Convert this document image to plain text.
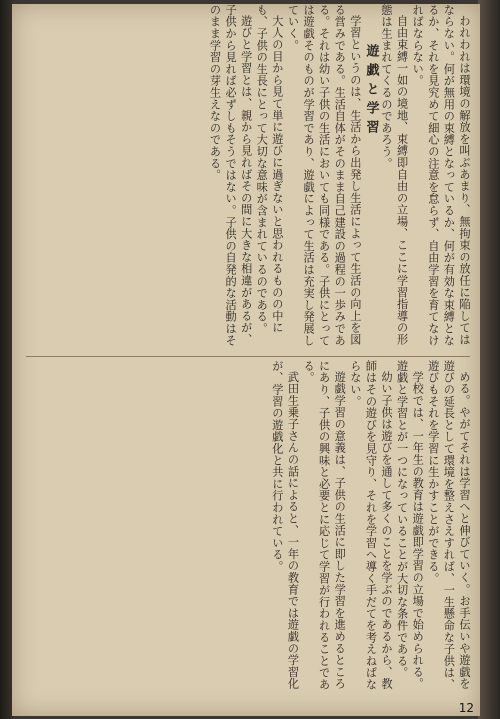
われわれは環境の解放を叫ぶあまり、無拘束の放任に陥してはならない。何が無用の束縛となっているか、何が有効な束縛となるか、それを見究めて細心の注意を怠らず、自由学習を育てなければならない。

自由束縛一如の境地、束縛即自由の立場、ここに学習指導の形態は生まれてくるのであろう。

遊戯と学習

学習というのは、生活から出発し生活によって生活の向上を図る営みである。生活自体がそのまま自己建設の過程の一歩みである。それは幼い子供の生活においても同様である。子供にとっては遊戯そのものが学習であり、遊戯によって生活は充実し発展していく。

大人の目から見て単に遊びに過ぎないと思われるものの中にも、子供の生長にとって大切な意味が含まれているのである。

遊びと学習とは、親から見ればその間に大きな相違があるが、子供から見れば必ずしもそうではない。子供の自発的な活動はそのまま学習の芽生えなのである。

める。やがてそれは学習へと伸びていく。お手伝いや遊戯を遊びの延長として環境を整えさえすれば、一生懸命な子供は、遊びもそれを学習に生かすことができる。

学校では、一年生の教育は遊戯即学習の立場で始められる。遊戯と学習とが一つになっていることが大切な条件である。

幼い子供は遊びを通して多くのことを学ぶのであるから、教師はその遊びを見守り、それを学習へ導く手だてを考えねばならない。

遊戯学習の意義は、子供の生活に即した学習を進めるところにあり、子供の興味と必要とに応じて学習が行われることである。

武田生乗子さんの話によると、一年の教育では遊戯の学習化が、学習の遊戯化と共に行われている。

12
